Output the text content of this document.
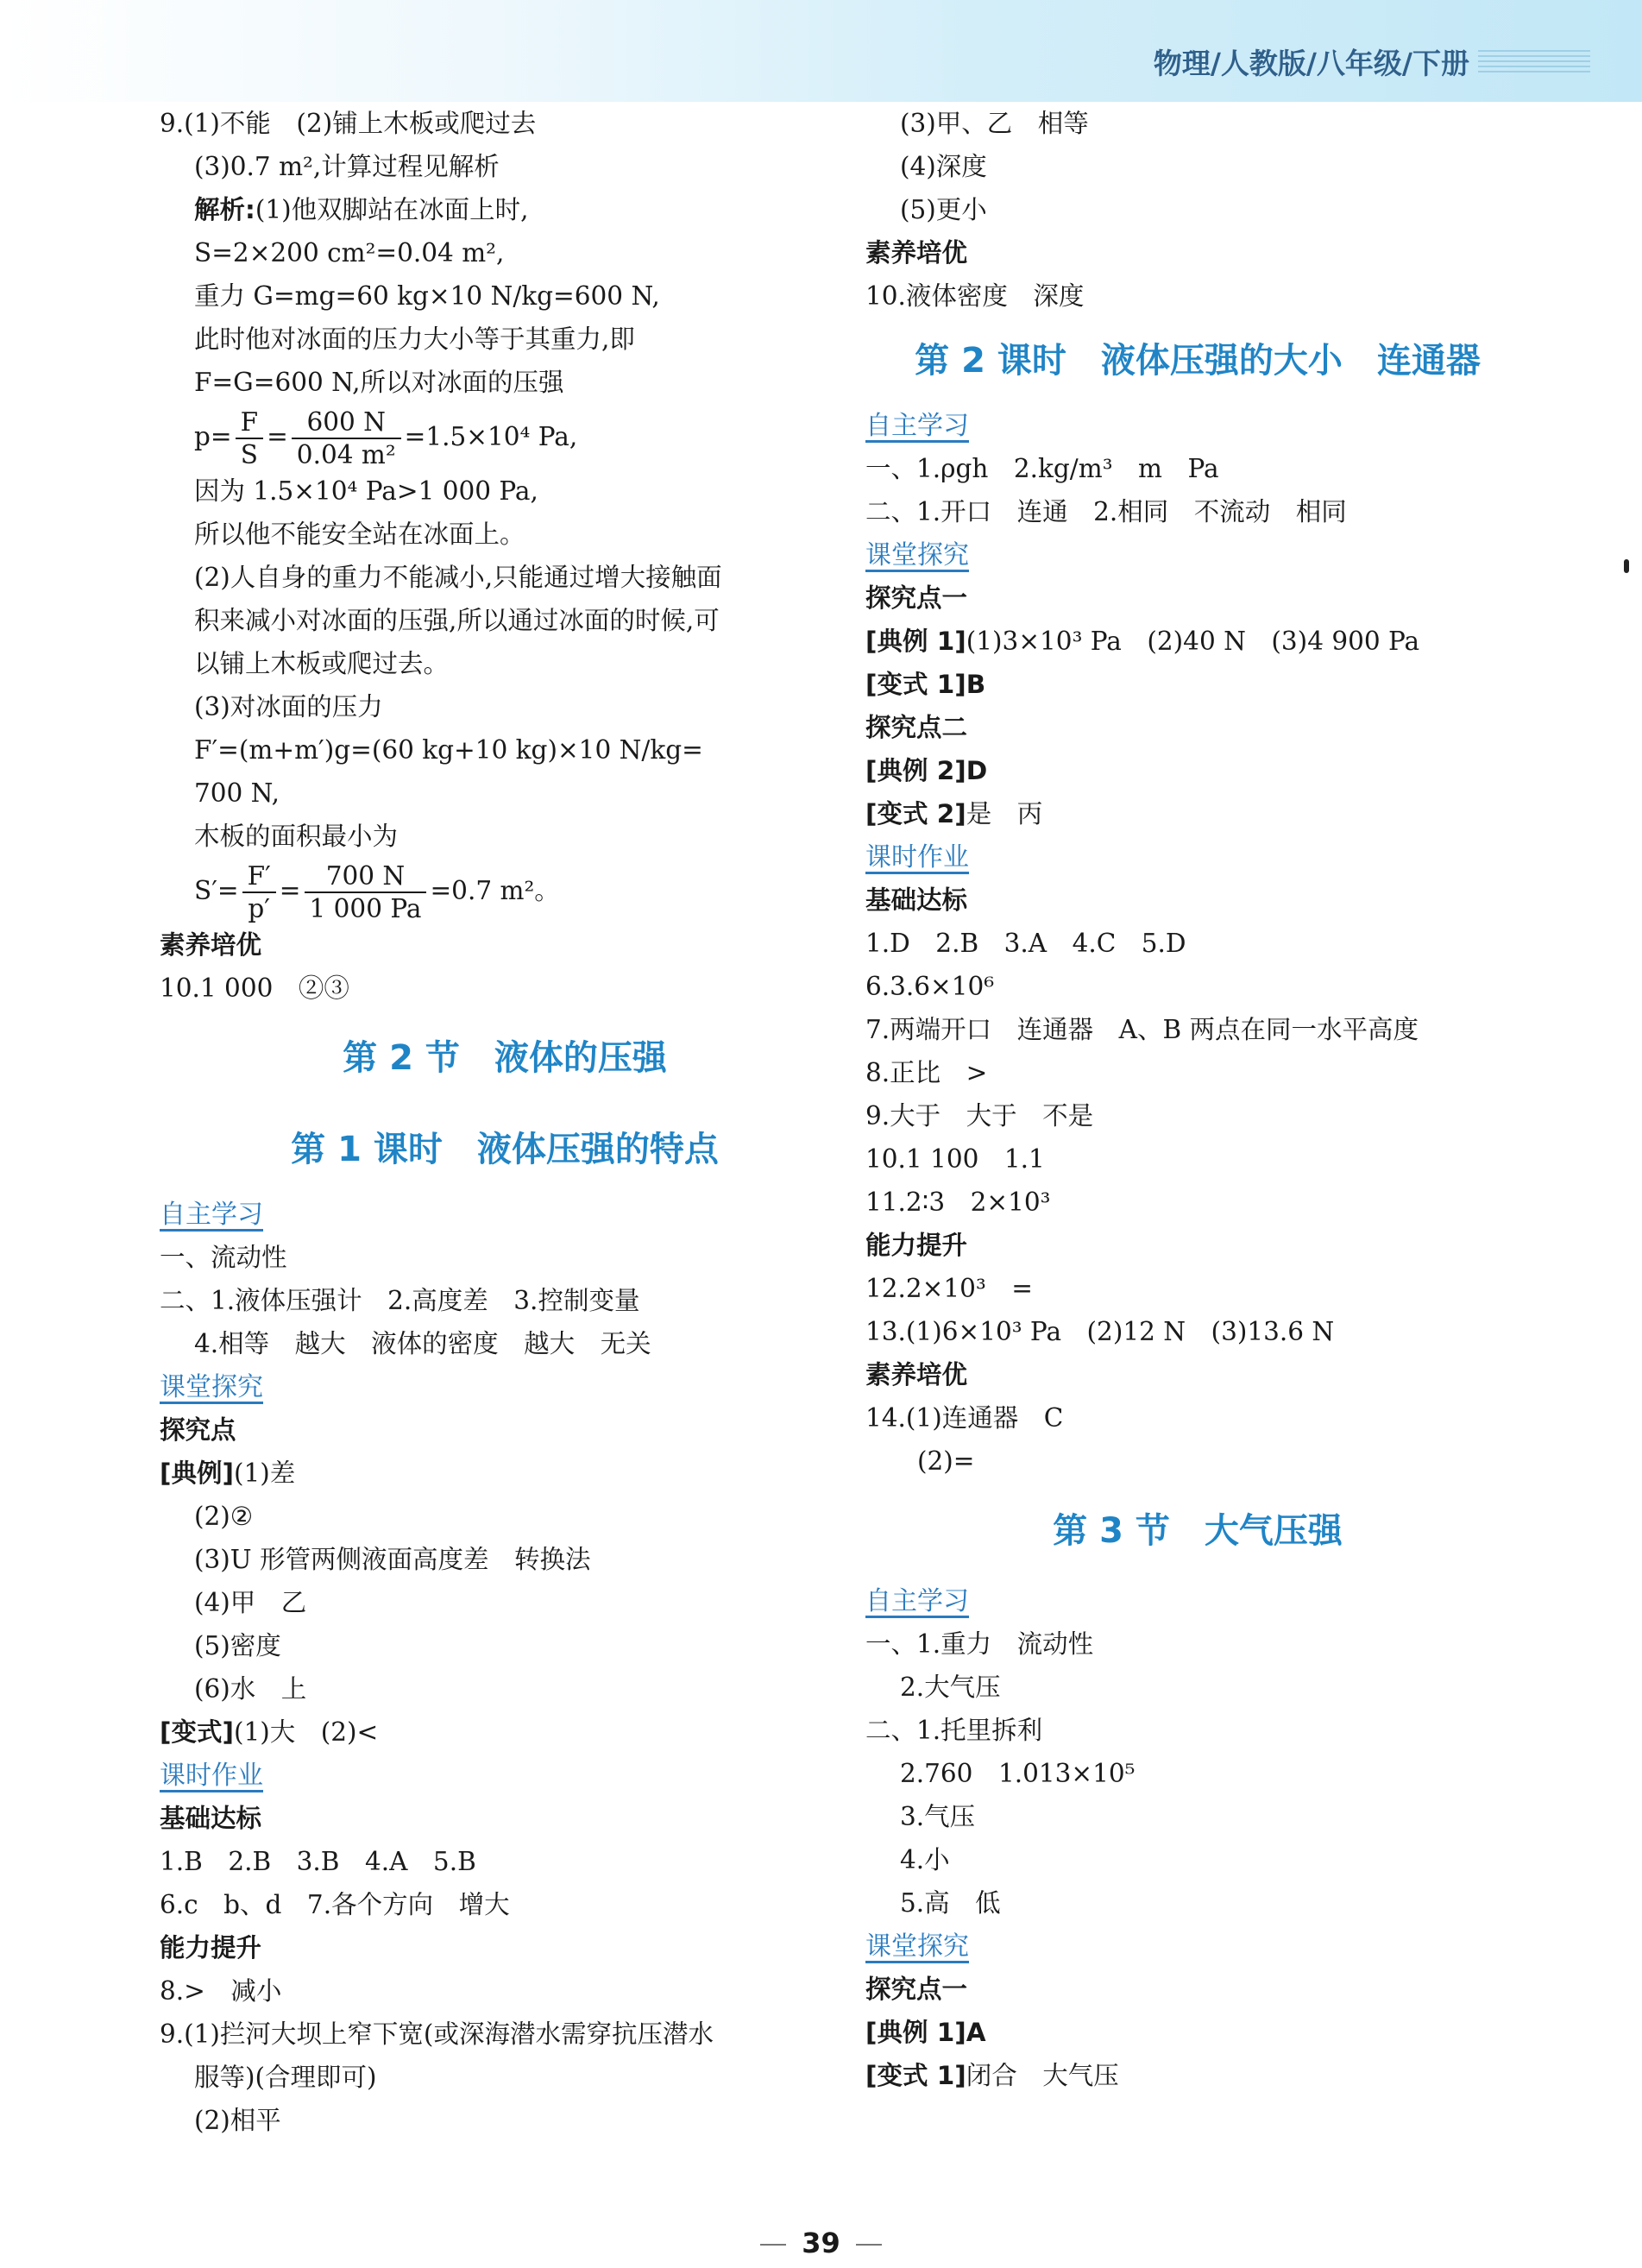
物理/人教版/八年级/下册
9.(1)不能　(2)铺上木板或爬过去
(3)0.7 m²,计算过程见解析
解析:(1)他双脚站在冰面上时,
S=2×200 cm²=0.04 m²,
重力 G=mg=60 kg×10 N/kg=600 N,
此时他对冰面的压力大小等于其重力,即
F=G=600 N,所以对冰面的压强
$p= \frac{F}{S} = \frac{600 N}{\text{0.04 m²}} =1.5\times 10^4$ Pa,
因为 1.5×10⁴ Pa>1 000 Pa,
所以他不能安全站在冰面上。
(2)人自身的重力不能减小,只能通过增大接触面
积来减小对冰面的压强,所以通过冰面的时候,可
以铺上木板或爬过去。
(3)对冰面的压力
F′=(m+m′)g=(60 kg+10 kg)×10 N/kg=
700 N,
木板的面积最小为
$S'= \frac{F'}{p'} = \frac{700 N}{1 000 Pa} =0.7$ m²。
素养培优
10.1 000　②③
第 2 节　液体的压强
第 1 课时　液体压强的特点
自主学习
一、流动性
二、1.液体压强计　2.高度差　3.控制变量
4.相等　越大　液体的密度　越大　无关
课堂探究
探究点
[典例](1)差
(2)②
(3)U 形管两侧液面高度差　转换法
(4)甲　乙
(5)密度
(6)水　上
[变式](1)大　(2)<
课时作业
基础达标
1.B　2.B　3.B　4.A　5.B
6.c　b、d　7.各个方向　增大
能力提升
8.>　减小
9.(1)拦河大坝上窄下宽(或深海潜水需穿抗压潜水
服等)(合理即可)
(2)相平
(3)甲、乙　相等
(4)深度
(5)更小
素养培优
10.液体密度　深度
第 2 课时　液体压强的大小　连通器
自主学习
一、1.ρgh　2.kg/m³　m　Pa
二、1.开口　连通　2.相同　不流动　相同
课堂探究
探究点一
[典例 1](1)3×10³ Pa　(2)40 N　(3)4 900 Pa
[变式 1]B
探究点二
[典例 2]D
[变式 2]是　丙
课时作业
基础达标
1.D　2.B　3.A　4.C　5.D
6.3.6×10⁶
7.两端开口　连通器　A、B 两点在同一水平高度
8.正比　>
9.大于　大于　不是
10.1 100　1.1
11.2∶3　2×10³
能力提升
12.2×10³　=
13.(1)6×10³ Pa　(2)12 N　(3)13.6 N
素养培优
14.(1)连通器　C
(2)=
第 3 节　大气压强
自主学习
一、1.重力　流动性
2.大气压
二、1.托里拆利
2.760　1.013×10⁵
3.气压
4.小
5.高　低
课堂探究
探究点一
[典例 1]A
[变式 1]闭合　大气压
39
